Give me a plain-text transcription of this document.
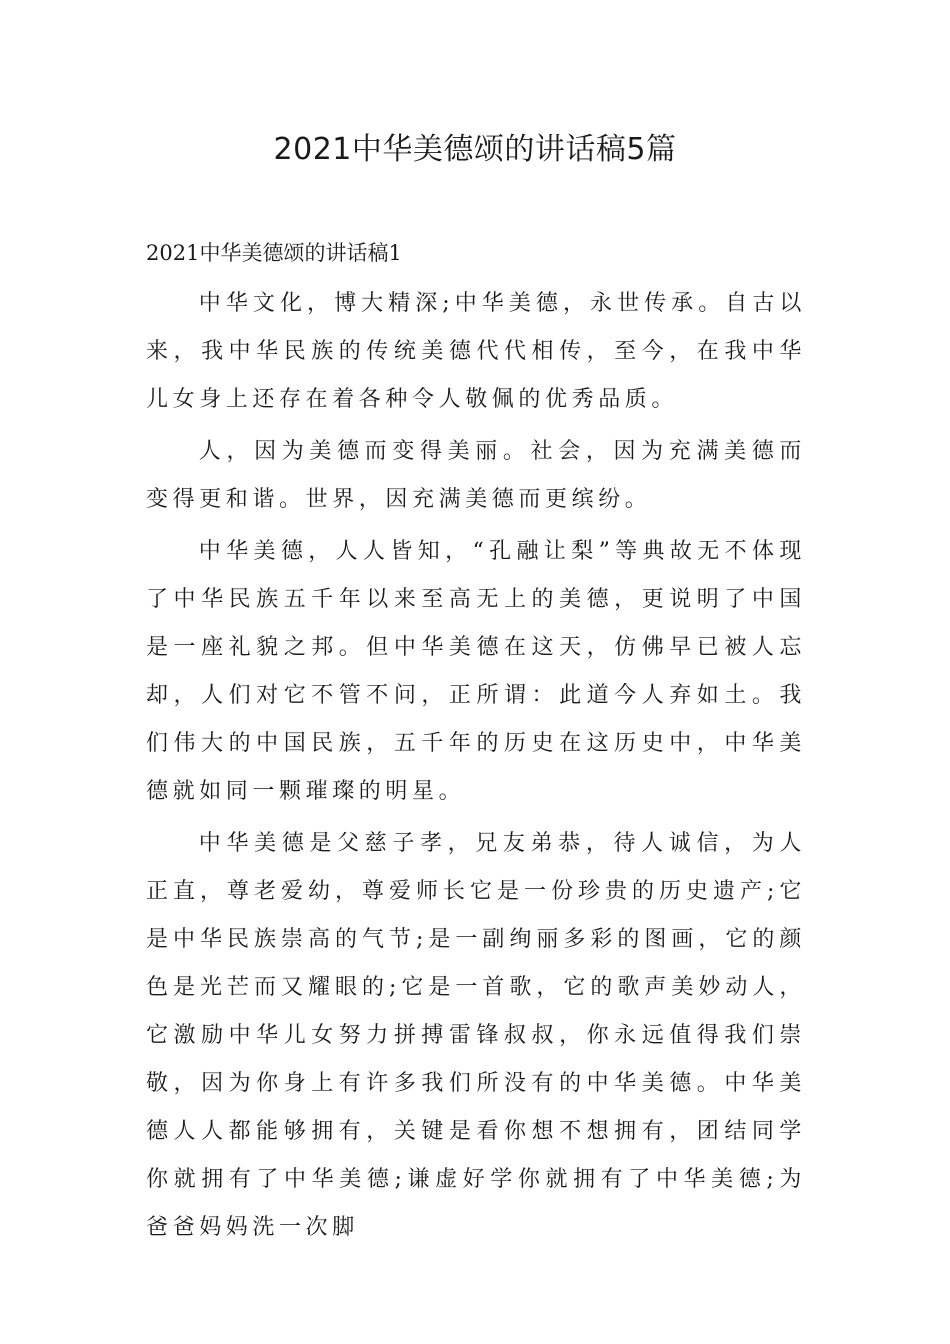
2021中华美德颂的讲话稿5篇
2021中华美德颂的讲话稿1

中华文化，博大精深;中华美德，永世传承。自古以来，我中华民族的传统美德代代相传，至今，在我中华儿女身上还存在着各种令人敬佩的优秀品质。

人，因为美德而变得美丽。社会，因为充满美德而变得更和谐。世界，因充满美德而更缤纷。

中华美德，人人皆知，“孔融让梨”等典故无不体现了中华民族五千年以来至高无上的美德，更说明了中国是一座礼貌之邦。但中华美德在这天，仿佛早已被人忘却，人们对它不管不问，正所谓：此道今人弃如土。我们伟大的中国民族，五千年的历史在这历史中，中华美德就如同一颗璀璨的明星。

中华美德是父慈子孝，兄友弟恭，待人诚信，为人正直，尊老爱幼，尊爱师长它是一份珍贵的历史遗产;它是中华民族崇高的气节;是一副绚丽多彩的图画，它的颜色是光芒而又耀眼的;它是一首歌，它的歌声美妙动人，它激励中华儿女努力拼搏雷锋叔叔，你永远值得我们崇敬，因为你身上有许多我们所没有的中华美德。中华美德人人都能够拥有，关键是看你想不想拥有，团结同学你就拥有了中华美德;谦虚好学你就拥有了中华美德;为爸爸妈妈洗一次脚
